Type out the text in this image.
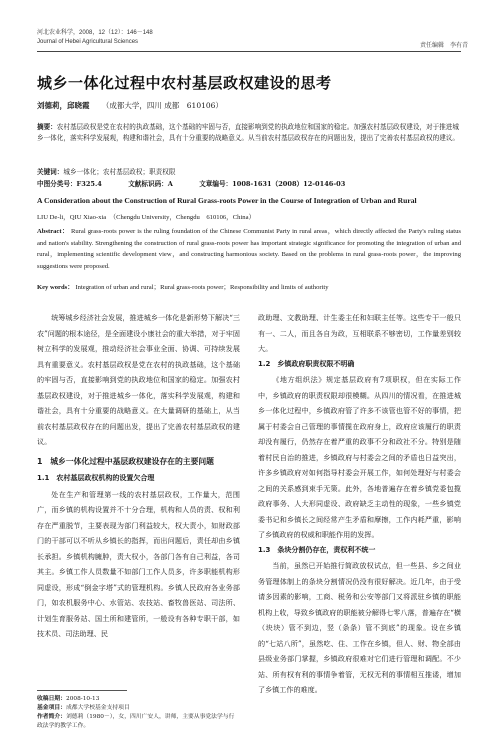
河北农业科学，2008，12（12）：146－148
Journal of Hebei Agricultural Sciences
责任编辑　李有青
城乡一体化过程中农村基层政权建设的思考
刘德莉，邱晓霞 （成都大学，四川 成都　610106）
摘要：农村基层政权是党在农村的执政基础，这个基础的牢固与否，直接影响到党的执政地位和国家的稳定。加强农村基层政权建设，对于推进城乡一体化，落实科学发展观，构建和谐社会，具有十分重要的战略意义。从当前农村基层政权存在的问题出发，提出了完善农村基层政权的建议。
关键词：城乡一体化；农村基层政权；职责权限
中图分类号：F325.4	文献标识码：A	文章编号：1008-1631（2008）12-0146-03
A Consideration about the Construction of Rural Grass-roots Power in the Course of Integration of Urban and Rural
LIU De-li，QIU Xiao-xia　（Chengdu University，Chengdu　610106，China）
Abstract： Rural grass-roots power is the ruling foundation of the Chinese Communist Party in rural areas，which directly affected the Party's ruling status and nation's stability. Strengthening the construction of rural grass-roots power has important strategic significance for promoting the integration of urban and rural，implementing scientific development view，and constructing harmonious society. Based on the problems in rural grass-roots power，the improving suggestions were proposed.
Key words： Integration of urban and rural；Rural grass-roots power；Responsibility and limits of authority

统筹城乡经济社会发展，推进城乡一体化是新形势下解决“三农”问题的根本途径，是全面建设小康社会的重大举措，对于牢固树立科学的发展观，推动经济社会事业全面、协调、可持续发展具有重要意义。农村基层政权是党在农村的执政基础，这个基础的牢固与否，直接影响到党的执政地位和国家的稳定。加强农村基层政权建设，对于推进城乡一体化，落实科学发展观，构建和谐社会，具有十分重要的战略意义。在大量调研的基础上，从当前农村基层政权存在的问题出发，提出了完善农村基层政权的建议。

1　城乡一体化过程中基层政权建设存在的主要问题

1.1　农村基层政权机构的设置欠合理

处在生产和管理第一线的农村基层政权，工作量大，范围广，而乡镇的机构设置并不十分合理，机构和人员的责、权和利存在严重脱节，主要表现为部门利益较大，权大责小，如财政部门的干部可以不听从乡镇长的指挥，而出问题后，责任却由乡镇长承担。乡镇机构臃肿，责大权小，各部门各有自己利益，各司其主。乡镇工作人员数量不如部门工作人员多，许多职能机构形同虚设，形成“倒金字塔”式的管理机构。乡镇人民政府各业务部门，如农机服务中心、水管站、农技站、畜牧兽医站、司法所、计划生育服务站、国土所和建管所，一般设有各种专职干部，如技术员、司法助理、民

收稿日期：2008-10-13
基金项目：成都大学校基金支持项目
作者简介：刘德莉（1980－），女，四川广安人，讲师，主要从事党法学与行政法学的教学工作。

政助理、文教助理、计生委主任和妇联主任等。这些专干一般只有一、二人，而且各自为政，互相联系不够密切，工作量差别较大。

1.2　乡镇政府职责权限不明确

《地方组织法》规定基层政府有7项职权，但在实际工作中，乡镇政府的职责权限却很模糊。从四川的情况看，在推进城乡一体化过程中，乡镇政府管了许多不该管也管不好的事情，把属于村委会自己管理的事情揽在政府身上，政府应该履行的职责却没有履行，仍然存在着严重的政事不分和政社不分。特别是随着村民自治的推进，乡镇政府与村委会之间的矛盾也日益突出，许多乡镇政府对如何指导村委会开展工作，如何处理好与村委会之间的关系感到束手无策。此外，各地普遍存在着乡镇党委包揽政府事务、人大形同虚设、政府缺乏主动性的现象，一些乡镇党委书记和乡镇长之间经常产生矛盾和摩擦，工作内耗严重，影响了乡镇政府的权威和职能作用的发挥。

1.3　条块分割仍存在，责权利不统一

当前，虽然已开始推行简政放权试点，但一些县、乡之间业务管理体制上的条块分割情况仍没有很好解决。近几年，由于受请多因素的影响，工商、税务和公安等部门又将派驻乡镇的职能机构上收，导致乡镇政府的职能被分解得七零八落，普遍存在“横（块块）管不到边，竖（条条）管不到底”的现象。设在乡镇的“七站八所”，虽然吃、住、工作在乡镇，但人、财、物全部由县级业务部门掌握，乡镇政府很难对它们进行管理和调配。不少站、所有权有利的事情争着管，无权无利的事情相互推诿，增加了乡镇工作的难度。
